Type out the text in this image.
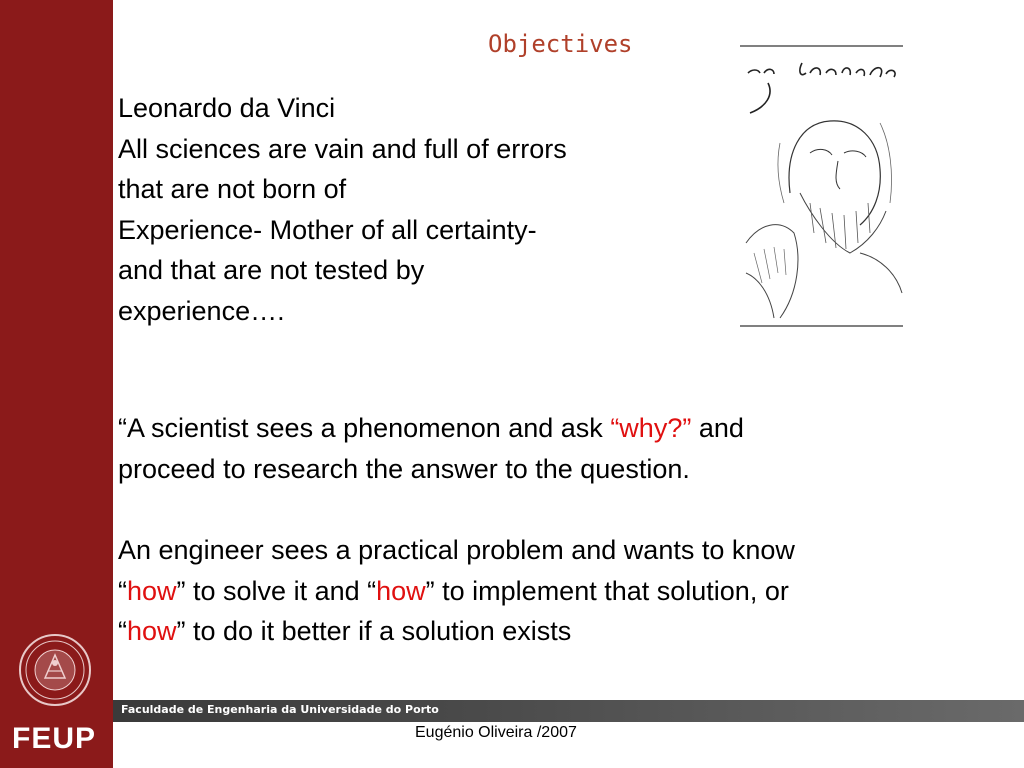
FEUP
Faculdade de Engenharia da Universidade do Porto
Eugénio Oliveira /2007
Objectives
Leonardo da Vinci
All sciences are vain and full of errors
that are not born of
Experience- Mother of all certainty-
and that are not tested by
experience….
“A scientist sees a phenomenon and ask “why?” and
proceed to research the answer to the question.
An engineer sees a practical problem and wants to know
“how” to solve it and “how” to implement that solution, or
“how” to do it better if a solution exists
